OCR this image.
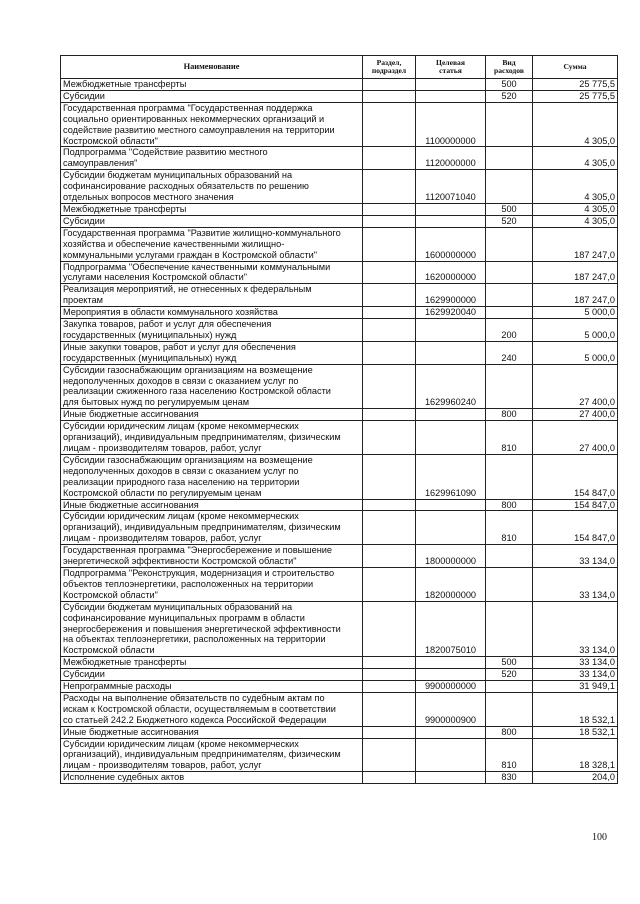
Наименование	Раздел,
подраздел	Целевая
статья	Вид
расходов	Сумма

Межбюджетные трансферты			500	25 775,5

Субсидии			520	25 775,5

Государственная программа "Государственная поддержка
социально ориентированных некоммерческих организаций и
содействие развитию местного самоуправления на территории
Костромской области"		1100000000		4 305,0

Подпрограмма "Содействие развитию местного
самоуправления"		1120000000		4 305,0

Субсидии бюджетам муниципальных образований на
софинансирование расходных обязательств по решению
отдельных вопросов местного значения		1120071040		4 305,0

Межбюджетные трансферты			500	4 305,0

Субсидии			520	4 305,0

Государственная программа "Развитие жилищно-коммунального
хозяйства и обеспечение качественными жилищно-
коммунальными услугами граждан в Костромской области"		1600000000		187 247,0

Подпрограмма "Обеспечение качественными коммунальными
услугами населения Костромской области"		1620000000		187 247,0

Реализация мероприятий, не отнесенных к федеральным
проектам		1629900000		187 247,0

Мероприятия в области коммунального хозяйства		1629920040		5 000,0

Закупка товаров, работ и услуг для обеспечения
государственных (муниципальных) нужд			200	5 000,0

Иные закупки товаров, работ и услуг для обеспечения
государственных (муниципальных) нужд			240	5 000,0

Субсидии газоснабжающим организациям на возмещение
недополученных доходов в связи с оказанием услуг по
реализации сжиженного газа населению Костромской области
для бытовых нужд по регулируемым ценам		1629960240		27 400,0

Иные бюджетные ассигнования			800	27 400,0

Субсидии юридическим лицам (кроме некоммерческих
организаций), индивидуальным предпринимателям, физическим
лицам - производителям товаров, работ, услуг			810	27 400,0

Субсидии газоснабжающим организациям на возмещение
недополученных доходов в связи с оказанием услуг по
реализации природного газа населению на территории
Костромской области по регулируемым ценам		1629961090		154 847,0

Иные бюджетные ассигнования			800	154 847,0

Субсидии юридическим лицам (кроме некоммерческих
организаций), индивидуальным предпринимателям, физическим
лицам - производителям товаров, работ, услуг			810	154 847,0

Государственная программа "Энергосбережение и повышение
энергетической эффективности Костромской области"		1800000000		33 134,0

Подпрограмма "Реконструкция, модернизация и строительство
объектов теплоэнергетики, расположенных на территории
Костромской области"		1820000000		33 134,0

Субсидии бюджетам муниципальных образований на
софинансирование муниципальных программ в области
энергосбережения и повышения энергетической эффективности
на объектах теплоэнергетики, расположенных на территории
Костромской области		1820075010		33 134,0

Межбюджетные трансферты			500	33 134,0

Субсидии			520	33 134,0

Непрограммные расходы		9900000000		31 949,1

Расходы на выполнение обязательств по судебным актам по
искам к Костромской области, осуществляемым в соответствии
со статьей 242.2 Бюджетного кодекса Российской Федерации		9900000900		18 532,1

Иные бюджетные ассигнования			800	18 532,1

Субсидии юридическим лицам (кроме некоммерческих
организаций), индивидуальным предпринимателям, физическим
лицам - производителям товаров, работ, услуг			810	18 328,1

Исполнение судебных актов			830	204,0
100
